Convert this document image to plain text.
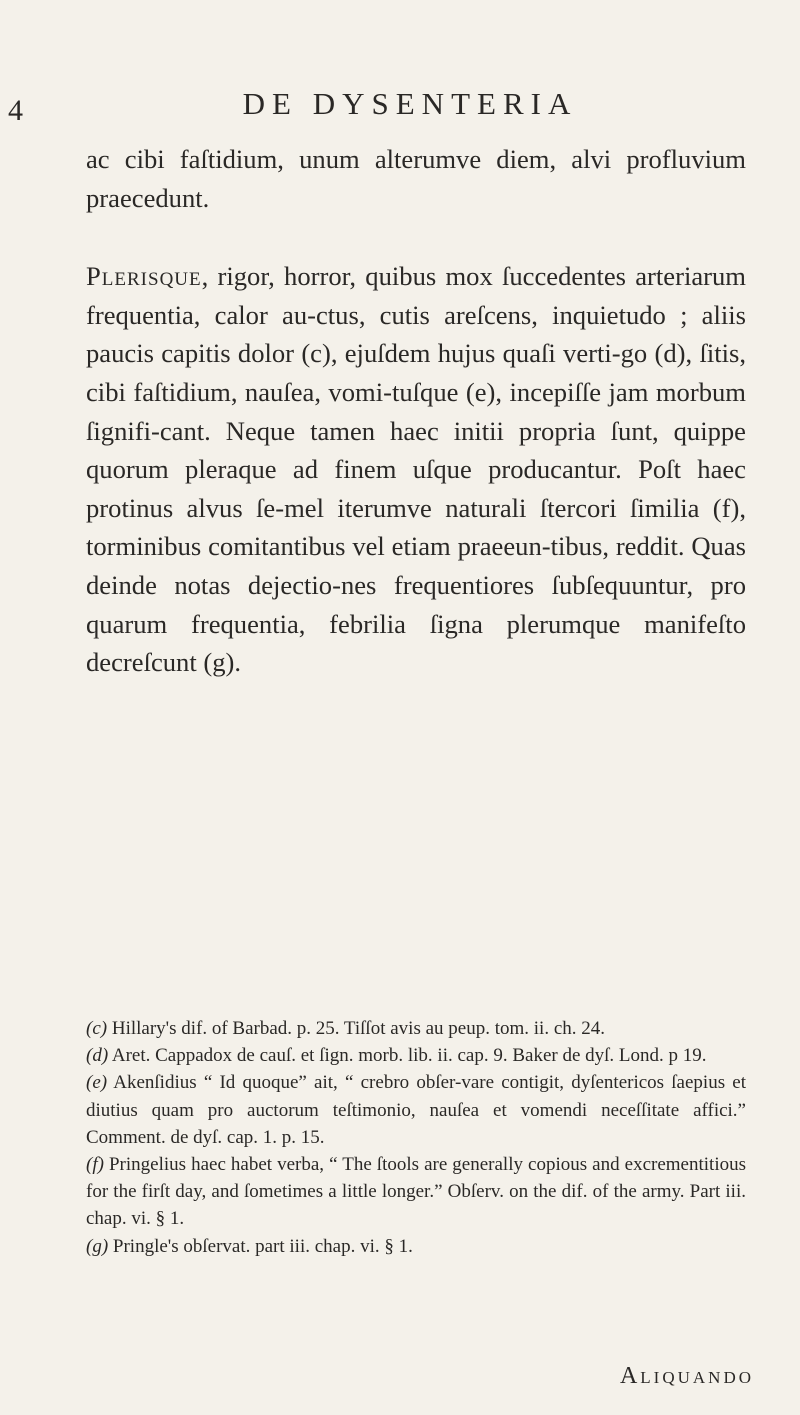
4	DE DYSENTERIA

ac cibi faſtidium, unum alterumve diem, alvi profluvium praecedunt.

Plerisque, rigor, horror, quibus mox ſuccedentes arteriarum frequentia, calor au-ctus, cutis areſcens, inquietudo ; aliis paucis capitis dolor (c), ejuſdem hujus quaſi verti-go (d), ſitis, cibi faſtidium, nauſea, vomi-tuſque (e), incepiſſe jam morbum ſignifi-cant. Neque tamen haec initii propria ſunt, quippe quorum pleraque ad finem uſque producantur. Poſt haec protinus alvus ſe-mel iterumve naturali ſtercori ſimilia (f), torminibus comitantibus vel etiam praeeun-tibus, reddit. Quas deinde notas dejectio-nes frequentiores ſubſequuntur, pro quarum frequentia, febrilia ſigna plerumque manifeſto decreſcunt (g).

(c) Hillary's dif. of Barbad. p. 25. Tiſſot avis au peup. tom. ii. ch. 24.

(d) Aret. Cappadox de cauſ. et ſign. morb. lib. ii. cap. 9. Baker de dyſ. Lond. p 19.

(e) Akenſidius “ Id quoque” ait, “ crebro obſer-vare contigit, dyſentericos ſaepius et diutius quam pro auctorum teſtimonio, nauſea et vomendi neceſſitate affici.” Comment. de dyſ. cap. 1. p. 15.

(f) Pringelius haec habet verba, “ The ſtools are generally copious and excrementitious for the firſt day, and ſometimes a little longer.” Obſerv. on the dif. of the army. Part iii. chap. vi. § 1.

(g) Pringle's obſervat. part iii. chap. vi. § 1.

Aliquando
